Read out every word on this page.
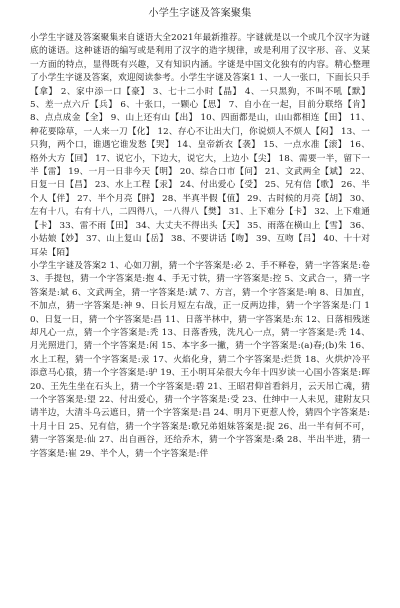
小学生字谜及答案聚集

小学生字谜及答案聚集来自谜语大全2021年最新推荐。字谜就是以一个或几个汉字为谜底的谜语。这种谜语的编写或是利用了汉字的造字规律，或是利用了汉字形、音、义某一方面的特点，显得既有兴趣，又有知识内涵。字谜是中国文化独有的内容。精心整理了小学生字谜及答案，欢迎阅读参考。小学生字谜及答案1 1、一人一张口，下面长只手【拿】 2、家中添一口【豪】 3、七十二小时【晶】 4、一只黑狗，不叫不吼【默】 5、差一点六斤【兵】 6、十张口，一颗心【思】 7、自小在一起，目前分联络【肯】 8、点点成金【全】 9、山上还有山【出】 10、四面都是山，山山都相连【田】 11、种花要除草，一人来一刀【化】 12、存心不让出大门，你说烦人不烦人【闷】 13、一只狗，两个口，谁遇它谁发愁【哭】 14、皇帝新衣【袭】 15、一点水准【滚】 16、格外大方【回】 17、说它小，下边大，说它大，上边小【尖】 18、需要一半，留下一半【雷】 19、一月一日非今天【明】 20、综合口市【问】 21、文武两全【斌】 22、日复一日【昌】 23、水上工程【汞】 24、付出爱心【受】 25、兄有信【歌】 26、半个人【伴】 27、半个月亮【胖】 28、半真半假【值】 29、古时候的月亮【胡】 30、左有十八，右有十八，二四得八，一八得八【樊】 31、上下难分【卡】 32、上下难通【卡】 33、雷不雨【田】 34、大丈夫不得出头【天】 35、雨落在横山上【雪】 36、小姑娘【妙】 37、山上复山【岳】 38、不要讲话【吻】 39、互吻【吕】 40、十十对耳朵【陌】

小学生字谜及答案2 1、心如刀割，猜一个字答案是:必 2、手不释卷，猜一字答案是:卷 3、手提包，猜一个字答案是:抱 4、手无寸铁，猜一字答案是:控 5、文武合一，猜一字答案是:斌 6、文武两全，猜一字答案是:斌 7、方言，猜一个字答案是:响 8、日加直，不加点，猜一字答案是:神 9、日长月短左右战，正一反两边排，猜一个字答案是:门 10、日复一日，猜一个字答案是:昌 11、日落半林中，猜一字答案是:东 12、日落相残迷却凡心一点，猜一个字答案是:秃 13、日落香残，洗凡心一点，猜一字答案是:秃 14、月光照进门，猜一个字答案是:闲 15、本字多一撇，猜一个字答案是:(a)春;(b)朱 16、水上工程，猜一个字答案是:汞 17、火焰化身，猜二个字答案是:烂货 18、火烘炉冷平添意马心猿，猜一个字答案是:驴 19、王小明耳朵很大今年十四岁读一心国小答案是:晖 20、王先生坐在石头上，猜一个字答案是:碧 21、王昭君仰首看斜月，云天吊亡魂，猜一个字答案是:望 22、付出爱心，猜一个字答案是:受 23、仕绅中一人未见，建附友只请半边，大清斗乌云遮日，猜一个字答案是:昌 24、明月下更惹人怜，猜四个字答案是:十月十日 25、兄有信，猜一个字答案是:歌兄弟姐妹答案是:捉 26、出一半有何不可，猜一字答案是:仙 27、出自画谷，还给乔木，猜一个字答案是:桑 28、半出半进，猜一字答案是:崔 29、半个人，猜一个字答案是:伴
